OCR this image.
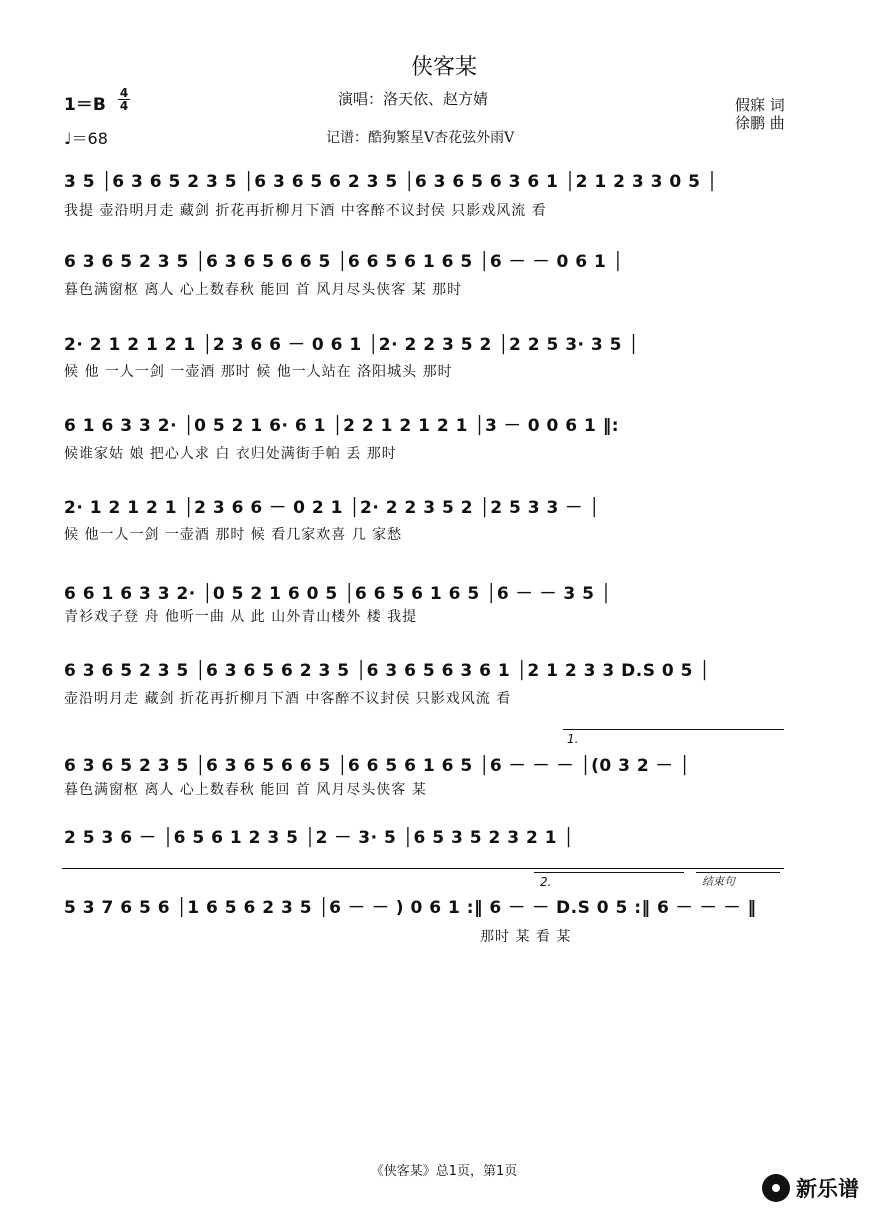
侠客某
1＝B
4
4
♩＝68
演唱：洛天依、赵方婧	假寐 词
徐鹏 曲
记谱：酷狗繁星V杏花弦外雨V
3 5 │6 3 6 5 2 3 5 │6 3 6 5 6 2 3 5 │6 3 6 5 6 3 6 1 │2 1 2 3 3 0 5 │
我提 壶沿明月走 藏剑 折花再折柳月下酒 中客醉不议封侯 只影戏风流 看
6 3 6 5 2 3 5 │6 3 6 5 6 6 5 │6 6 5 6 1 6 5 │6 － － 0 6 1 │
暮色满窗枢 离人 心上数春秋 能回 首 风月尽头侠客 某 那时
2· 2 1 2 1 2 1 │2 3 6 6 － 0 6 1 │2· 2 2 3 5 2 │2 2 5 3· 3 5 │
候 他 一人一剑 一壶酒 那时 候 他一人站在 洛阳城头 那时
6 1 6 3 3 2· │0 5 2 1 6· 6 1 │2 2 1 2 1 2 1 │3 － 0 0 6 1 ‖:
候谁家姑 娘 把心人求 白 衣归处满街手帕 丢 那时
2· 1 2 1 2 1 │2 3 6 6 － 0 2 1 │2· 2 2 3 5 2 │2 5 3 3 － │
候 他一人一剑 一壶酒 那时 候 看几家欢喜 几 家愁
6 6 1 6 3 3 2· │0 5 2 1 6 0 5 │6 6 5 6 1 6 5 │6 － － 3 5 │
青衫戏子登 舟 他听一曲 从 此 山外青山楼外 楼 我提
6 3 6 5 2 3 5 │6 3 6 5 6 2 3 5 │6 3 6 5 6 3 6 1 │2 1 2 3 3 D.S 0 5 │
壶沿明月走 藏剑 折花再折柳月下酒 中客醉不议封侯 只影戏风流 看
1.
6 3 6 5 2 3 5 │6 3 6 5 6 6 5 │6 6 5 6 1 6 5 │6 － － － │(0 3 2 － │
暮色满窗枢 离人 心上数春秋 能回 首 风月尽头侠客 某
2 5 3 6 － │6 5 6 1 2 3 5 │2 － 3· 5 │6 5 3 5 2 3 2 1 │
2.	结束句
5 3 7 6 5 6 │1 6 5 6 2 3 5 │6 － － ) 0 6 1 :‖ 6 － － D.S 0 5 :‖ 6 － － － ‖
那时 某 看 某
《侠客某》总1页，第1页
新乐谱
